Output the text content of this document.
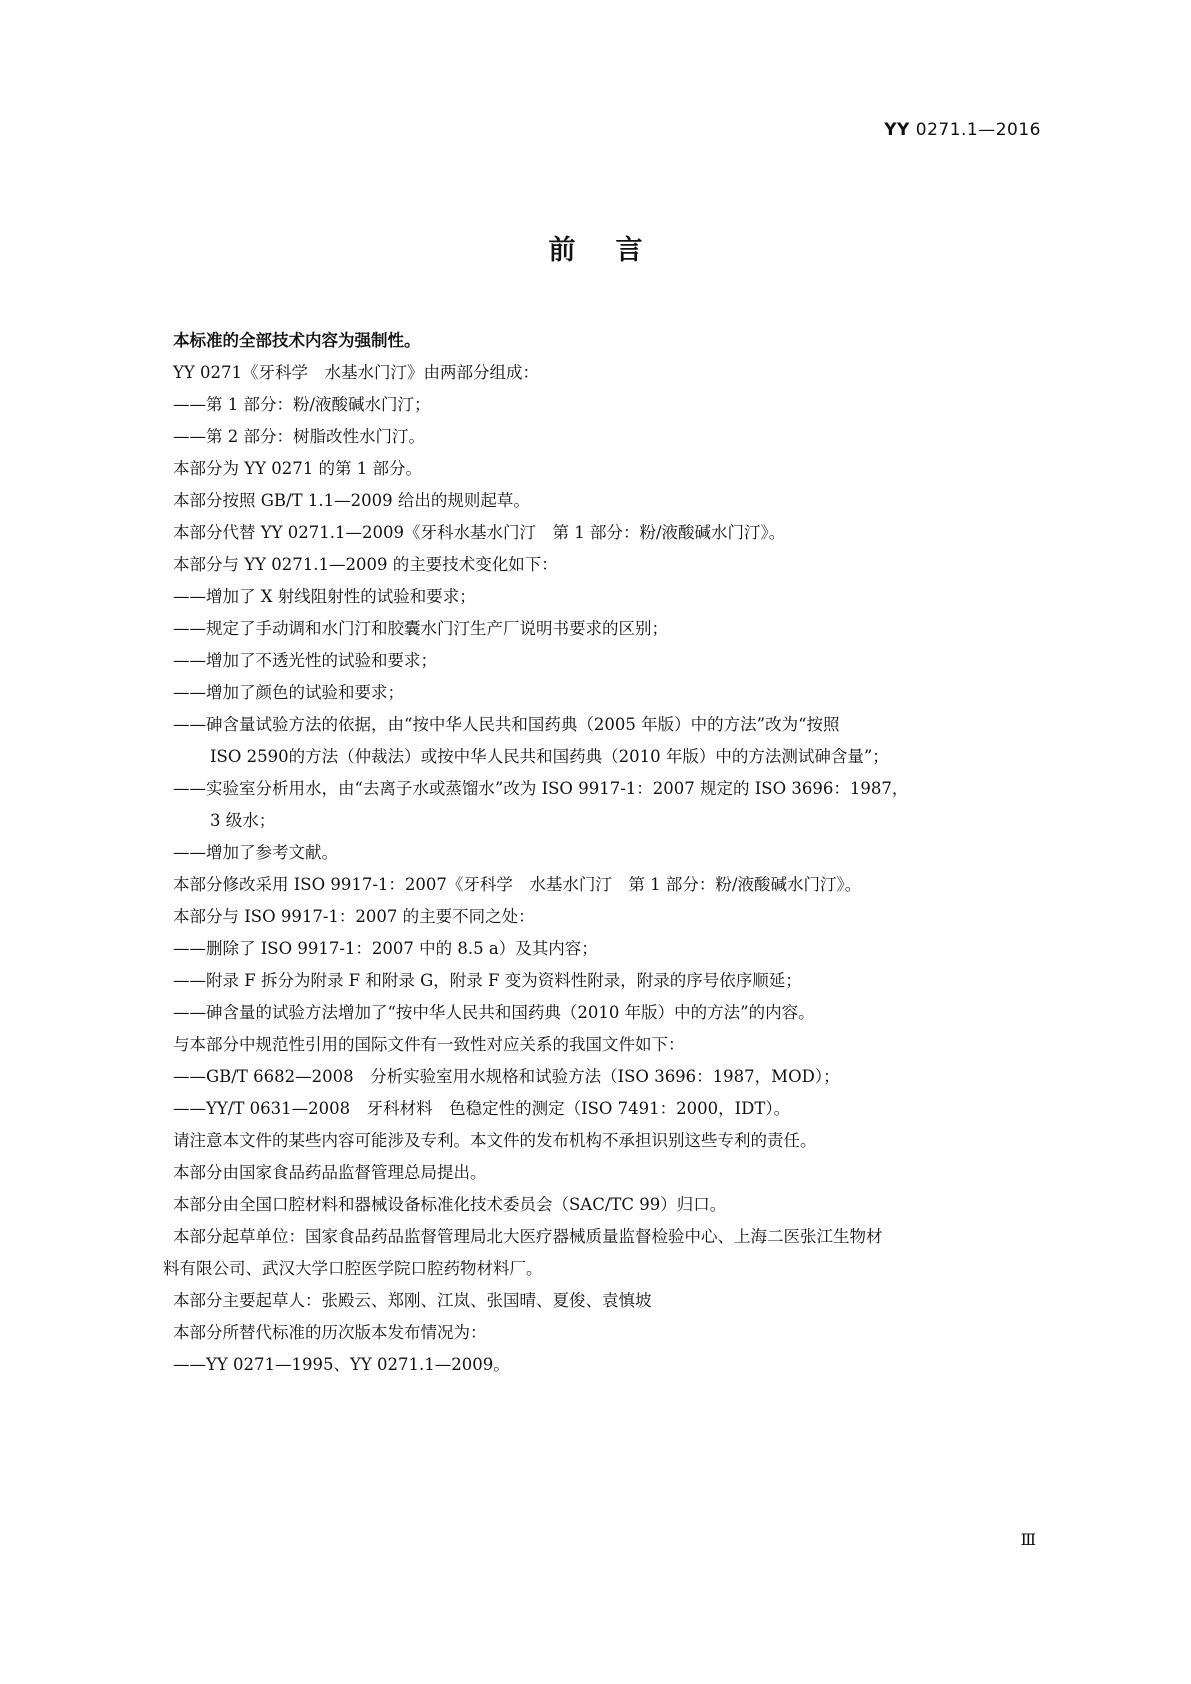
YY 0271.1—2016
前言
本标准的全部技术内容为强制性。
YY 0271《牙科学　水基水门汀》由两部分组成：
——第 1 部分：粉/液酸碱水门汀；
——第 2 部分：树脂改性水门汀。
本部分为 YY 0271 的第 1 部分。
本部分按照 GB/T 1.1—2009 给出的规则起草。
本部分代替 YY 0271.1—2009《牙科水基水门汀　第 1 部分：粉/液酸碱水门汀》。
本部分与 YY 0271.1—2009 的主要技术变化如下：
——增加了 X 射线阻射性的试验和要求；
——规定了手动调和水门汀和胶囊水门汀生产厂说明书要求的区别；
——增加了不透光性的试验和要求；
——增加了颜色的试验和要求；
——砷含量试验方法的依据，由“按中华人民共和国药典（2005 年版）中的方法”改为“按照
ISO 2590的方法（仲裁法）或按中华人民共和国药典（2010 年版）中的方法测试砷含量”；
——实验室分析用水，由“去离子水或蒸馏水”改为 ISO 9917-1：2007 规定的 ISO 3696：1987，
3 级水；
——增加了参考文献。
本部分修改采用 ISO 9917-1：2007《牙科学　水基水门汀　第 1 部分：粉/液酸碱水门汀》。
本部分与 ISO 9917-1：2007 的主要不同之处：
——删除了 ISO 9917-1：2007 中的 8.5 a）及其内容；
——附录 F 拆分为附录 F 和附录 G，附录 F 变为资料性附录，附录的序号依序顺延；
——砷含量的试验方法增加了“按中华人民共和国药典（2010 年版）中的方法”的内容。
与本部分中规范性引用的国际文件有一致性对应关系的我国文件如下：
——GB/T 6682—2008　分析实验室用水规格和试验方法（ISO 3696：1987，MOD）；
——YY/T 0631—2008　牙科材料　色稳定性的测定（ISO 7491：2000，IDT）。
请注意本文件的某些内容可能涉及专利。本文件的发布机构不承担识别这些专利的责任。
本部分由国家食品药品监督管理总局提出。
本部分由全国口腔材料和器械设备标准化技术委员会（SAC/TC 99）归口。
本部分起草单位：国家食品药品监督管理局北大医疗器械质量监督检验中心、上海二医张江生物材
料有限公司、武汉大学口腔医学院口腔药物材料厂。
本部分主要起草人：张殿云、郑刚、江岚、张国晴、夏俊、袁慎坡
本部分所替代标准的历次版本发布情况为：
——YY 0271—1995、YY 0271.1—2009。
Ⅲ
